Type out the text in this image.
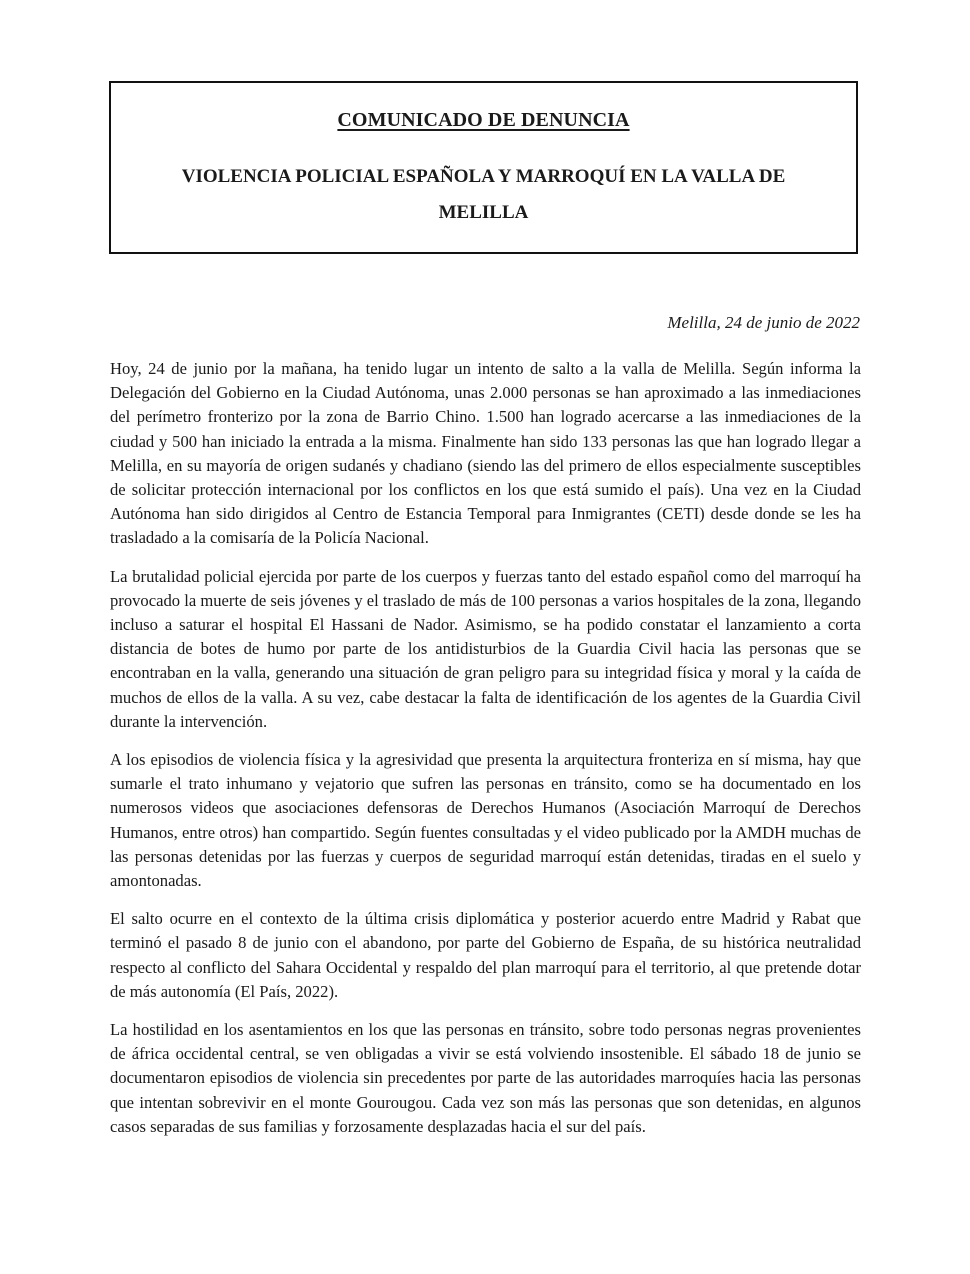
COMUNICADO DE DENUNCIA
VIOLENCIA POLICIAL ESPAÑOLA Y MARROQUÍ EN LA VALLA DE
MELILLA

Melilla, 24 de junio de 2022

Hoy, 24 de junio por la mañana, ha tenido lugar un intento de salto a la valla de Melilla. Según informa la Delegación del Gobierno en la Ciudad Autónoma, unas 2.000 personas se han aproximado a las inmediaciones del perímetro fronterizo por la zona de Barrio Chino. 1.500 han logrado acercarse a las inmediaciones de la ciudad y 500 han iniciado la entrada a la misma. Finalmente han sido 133 personas las que han logrado llegar a Melilla, en su mayoría de origen sudanés y chadiano (siendo las del primero de ellos especialmente susceptibles de solicitar protección internacional por los conflictos en los que está sumido el país). Una vez en la Ciudad Autónoma han sido dirigidos al Centro de Estancia Temporal para Inmigrantes (CETI) desde donde se les ha trasladado a la comisaría de la Policía Nacional.

La brutalidad policial ejercida por parte de los cuerpos y fuerzas tanto del estado español como del marroquí ha provocado la muerte de seis jóvenes y el traslado de más de 100 personas a varios hospitales de la zona, llegando incluso a saturar el hospital El Hassani de Nador. Asimismo, se ha podido constatar el lanzamiento a corta distancia de botes de humo por parte de los antidisturbios de la Guardia Civil hacia las personas que se encontraban en la valla, generando una situación de gran peligro para su integridad física y moral y la caída de muchos de ellos de la valla. A su vez, cabe destacar la falta de identificación de los agentes de la Guardia Civil durante la intervención.

A los episodios de violencia física y la agresividad que presenta la arquitectura fronteriza en sí misma, hay que sumarle el trato inhumano y vejatorio que sufren las personas en tránsito, como se ha documentado en los numerosos videos que asociaciones defensoras de Derechos Humanos (Asociación Marroquí de Derechos Humanos, entre otros) han compartido. Según fuentes consultadas y el video publicado por la AMDH muchas de las personas detenidas por las fuerzas y cuerpos de seguridad marroquí están detenidas, tiradas en el suelo y amontonadas.

El salto ocurre en el contexto de la última crisis diplomática y posterior acuerdo entre Madrid y Rabat que terminó el pasado 8 de junio con el abandono, por parte del Gobierno de España, de su histórica neutralidad respecto al conflicto del Sahara Occidental y respaldo del plan marroquí para el territorio, al que pretende dotar de más autonomía (El País, 2022).

La hostilidad en los asentamientos en los que las personas en tránsito, sobre todo personas negras provenientes de áfrica occidental central, se ven obligadas a vivir se está volviendo insostenible. El sábado 18 de junio se documentaron episodios de violencia sin precedentes por parte de las autoridades marroquíes hacia las personas que intentan sobrevivir en el monte Gourougou. Cada vez son más las personas que son detenidas, en algunos casos separadas de sus familias y forzosamente desplazadas hacia el sur del país.
